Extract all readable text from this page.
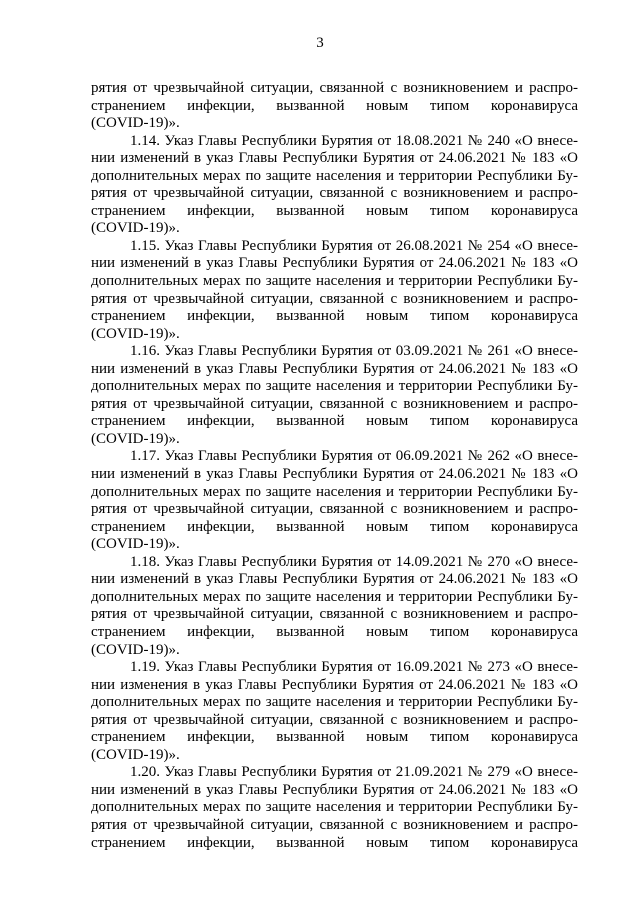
3
рятия от чрезвычайной ситуации, связанной с возникновением и распро-
странением инфекции, вызванной новым типом коронавируса
(COVID-19)».
1.14. Указ Главы Республики Бурятия от 18.08.2021 № 240 «О внесе-
нии изменений в указ Главы Республики Бурятия от 24.06.2021 № 183 «О
дополнительных мерах по защите населения и территории Республики Бу-
рятия от чрезвычайной ситуации, связанной с возникновением и распро-
странением инфекции, вызванной новым типом коронавируса
(COVID-19)».
1.15. Указ Главы Республики Бурятия от 26.08.2021 № 254 «О внесе-
нии изменений в указ Главы Республики Бурятия от 24.06.2021 № 183 «О
дополнительных мерах по защите населения и территории Республики Бу-
рятия от чрезвычайной ситуации, связанной с возникновением и распро-
странением инфекции, вызванной новым типом коронавируса
(COVID-19)».
1.16. Указ Главы Республики Бурятия от 03.09.2021 № 261 «О внесе-
нии изменений в указ Главы Республики Бурятия от 24.06.2021 № 183 «О
дополнительных мерах по защите населения и территории Республики Бу-
рятия от чрезвычайной ситуации, связанной с возникновением и распро-
странением инфекции, вызванной новым типом коронавируса
(COVID-19)».
1.17. Указ Главы Республики Бурятия от 06.09.2021 № 262 «О внесе-
нии изменений в указ Главы Республики Бурятия от 24.06.2021 № 183 «О
дополнительных мерах по защите населения и территории Республики Бу-
рятия от чрезвычайной ситуации, связанной с возникновением и распро-
странением инфекции, вызванной новым типом коронавируса
(COVID-19)».
1.18. Указ Главы Республики Бурятия от 14.09.2021 № 270 «О внесе-
нии изменений в указ Главы Республики Бурятия от 24.06.2021 № 183 «О
дополнительных мерах по защите населения и территории Республики Бу-
рятия от чрезвычайной ситуации, связанной с возникновением и распро-
странением инфекции, вызванной новым типом коронавируса
(COVID-19)».
1.19. Указ Главы Республики Бурятия от 16.09.2021 № 273 «О внесе-
нии изменения в указ Главы Республики Бурятия от 24.06.2021 № 183 «О
дополнительных мерах по защите населения и территории Республики Бу-
рятия от чрезвычайной ситуации, связанной с возникновением и распро-
странением инфекции, вызванной новым типом коронавируса
(COVID-19)».
1.20. Указ Главы Республики Бурятия от 21.09.2021 № 279 «О внесе-
нии изменений в указ Главы Республики Бурятия от 24.06.2021 № 183 «О
дополнительных мерах по защите населения и территории Республики Бу-
рятия от чрезвычайной ситуации, связанной с возникновением и распро-
странением инфекции, вызванной новым типом коронавируса
